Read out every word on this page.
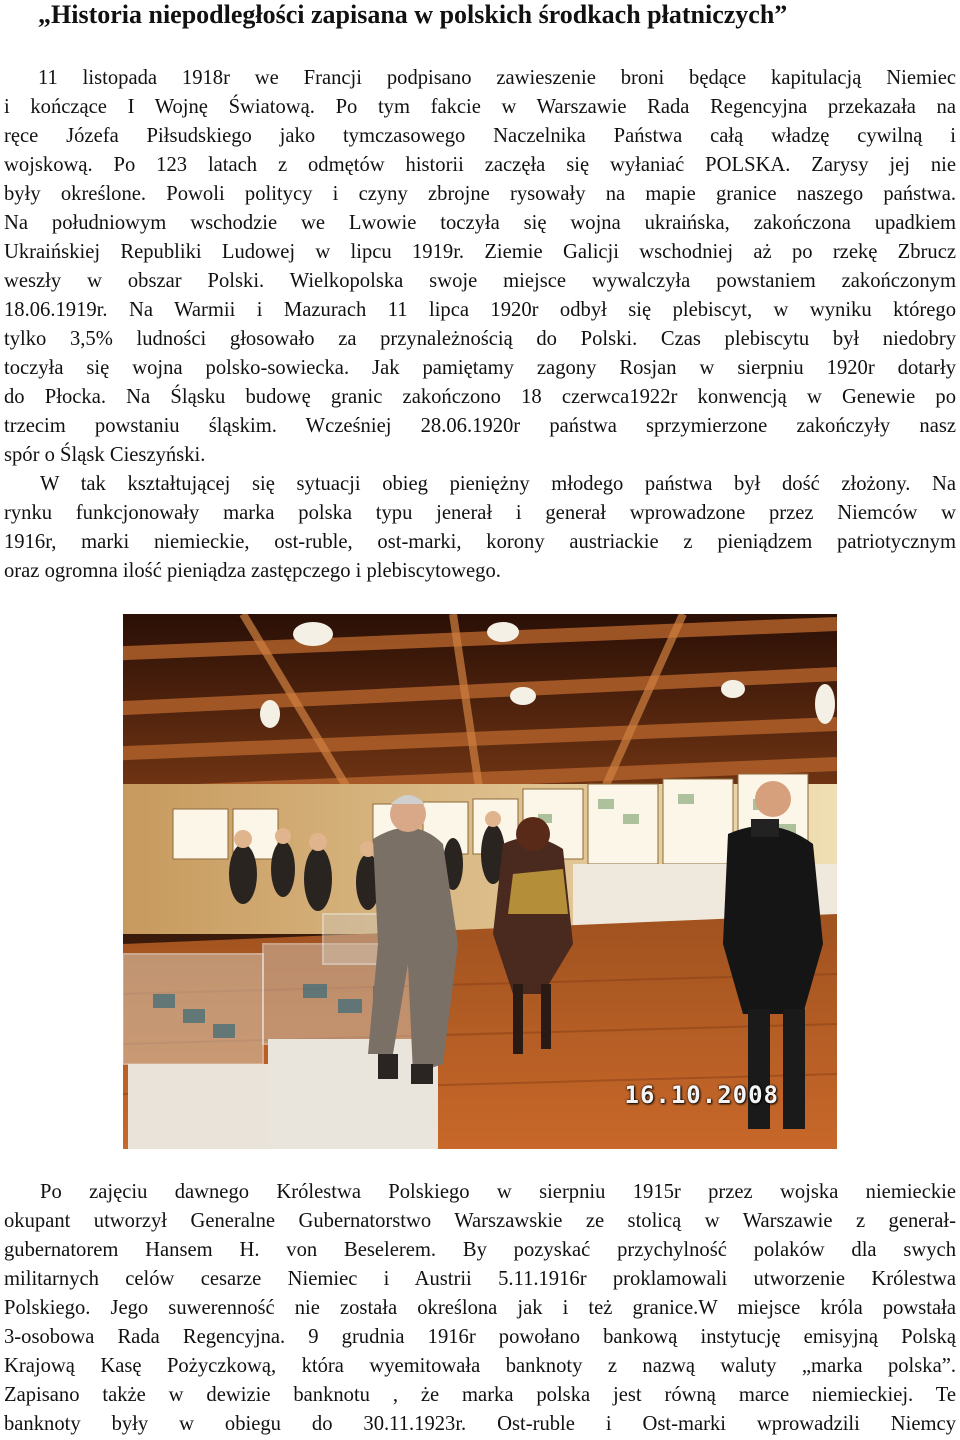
„Historia niepodległości zapisana w polskich środkach płatniczych”
11 listopada 1918r we Francji podpisano zawieszenie broni będące kapitulacją Niemiec
i kończące I Wojnę Światową. Po tym fakcie w Warszawie Rada Regencyjna przekazała na
ręce Józefa Piłsudskiego jako tymczasowego Naczelnika Państwa całą władzę cywilną i
wojskową. Po 123 latach z odmętów historii zaczęła się wyłaniać POLSKA. Zarysy jej nie
były określone. Powoli politycy i czyny zbrojne rysowały na mapie granice naszego państwa.
Na południowym wschodzie we Lwowie toczyła się wojna ukraińska, zakończona upadkiem
Ukraińskiej Republiki Ludowej w lipcu 1919r. Ziemie Galicji wschodniej aż po rzekę Zbrucz
weszły w obszar Polski. Wielkopolska swoje miejsce wywalczyła powstaniem zakończonym
18.06.1919r. Na Warmii i Mazurach 11 lipca 1920r odbył się plebiscyt, w wyniku którego
tylko 3,5% ludności głosowało za przynależnością do Polski. Czas plebiscytu był niedobry
toczyła się wojna polsko-sowiecka. Jak pamiętamy zagony Rosjan w sierpniu 1920r dotarły
do Płocka. Na Śląsku budowę granic zakończono 18 czerwca1922r konwencją w Genewie po
trzecim powstaniu śląskim. Wcześniej 28.06.1920r państwa sprzymierzone zakończyły nasz
spór o Śląsk Cieszyński.
W tak kształtującej się sytuacji obieg pieniężny młodego państwa był dość złożony. Na
rynku funkcjonowały marka polska typu jenerał i generał wprowadzone przez Niemców w
1916r, marki niemieckie, ost-ruble, ost-marki, korony austriackie z pieniądzem patriotycznym
oraz ogromna ilość pieniądza zastępczego i plebiscytowego.
16.10.2008
Po zajęciu dawnego Królestwa Polskiego w sierpniu 1915r przez wojska niemieckie
okupant utworzył Generalne Gubernatorstwo Warszawskie ze stolicą w Warszawie z generał-
gubernatorem Hansem H. von Beselerem. By pozyskać przychylność polaków dla swych
militarnych celów cesarze Niemiec i Austrii 5.11.1916r proklamowali utworzenie Królestwa
Polskiego. Jego suwerenność nie została określona jak i też granice.W miejsce króla powstała
3-osobowa Rada Regencyjna. 9 grudnia 1916r powołano bankową instytucję emisyjną Polską
Krajową Kasę Pożyczkową, która wyemitowała banknoty z nazwą waluty „marka polska”.
Zapisano także w dewizie banknotu , że marka polska jest równą marce niemieckiej. Te
banknoty były w obiegu do 30.11.1923r. Ost-ruble i Ost-marki wprowadzili Niemcy
